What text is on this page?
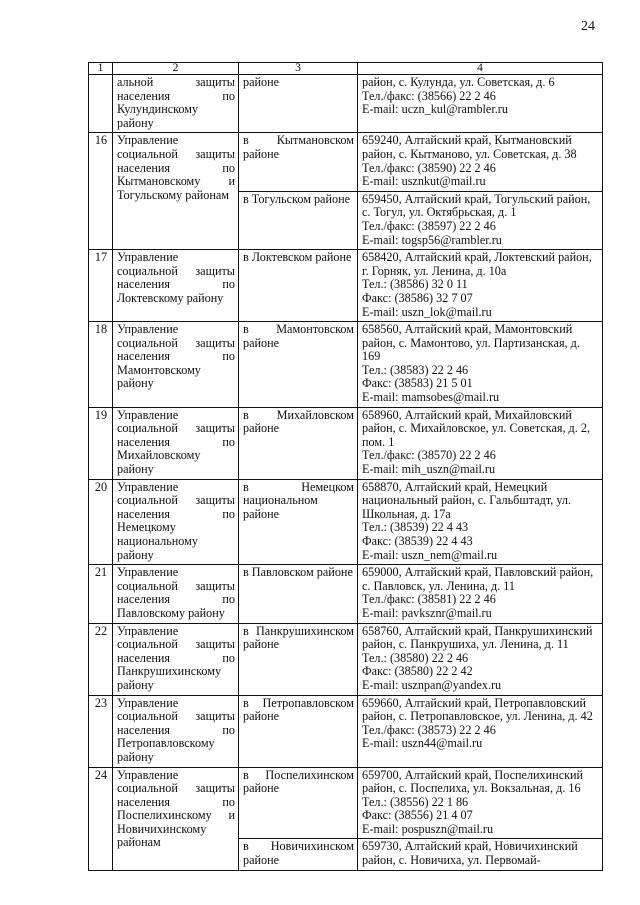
24
1	2	3	4
	альной защиты населения по Кулундинскому району	районе	район, с. Кулунда, ул. Советская, д. 6
Тел./факс: (38566) 22 2 46
E-mail: uczn_kul@rambler.ru

16	Управление социальной защиты населения по Кытмановскому и Тогульскому районам	в Кытмановском районе	659240, Алтайский край, Кытмановский район, с. Кытманово, ул. Советская, д. 38
Тел./факс: (38590) 22 2 46
E-mail: usznkut@mail.ru

		в Тогульском районе	659450, Алтайский край, Тогульский район, с. Тогул, ул. Октябрьская, д. 1
Тел./факс: (38597) 22 2 46
E-mail: togsp56@rambler.ru

17	Управление социальной защиты населения по Локтевскому району	в Локтевском районе	658420, Алтайский край, Локтевский район, г. Горняк, ул. Ленина, д. 10а
Тел.: (38586) 32 0 11
Факс: (38586) 32 7 07
E-mail: uszn_lok@mail.ru

18	Управление социальной защиты населения по Мамонтовскому району	в Мамонтовском районе	658560, Алтайский край, Мамонтовский район, с. Мамонтово, ул. Партизанская, д. 169
Тел.: (38583) 22 2 46
Факс: (38583) 21 5 01
E-mail: mamsobes@mail.ru

19	Управление социальной защиты населения по Михайловскому району	в Михайловском районе	658960, Алтайский край, Михайловский район, с. Михайловское, ул. Советская, д. 2, пом. 1
Тел./факс: (38570) 22 2 46
E-mail: mih_uszn@mail.ru

20	Управление социальной защиты населения по Немецкому национальному району	в Немецком национальном районе	658870, Алтайский край, Немецкий национальный район, с. Гальбштадт, ул. Школьная, д. 17а
Тел.: (38539) 22 4 43
Факс: (38539) 22 4 43
E-mail: uszn_nem@mail.ru

21	Управление социальной защиты населения по Павловскому району	в Павловском районе	659000, Алтайский край, Павловский район, с. Павловск, ул. Ленина, д. 11
Тел./факс: (38581) 22 2 46
E-mail: pavksznr@mail.ru

22	Управление социальной защиты населения по Панкрушихинскому району	в Панкрушихинском районе	658760, Алтайский край, Панкрушихинский район, с. Панкрушиха, ул. Ленина, д. 11
Тел.: (38580) 22 2 46
Факс: (38580) 22 2 42
E-mail: usznpan@yandex.ru

23	Управление социальной защиты населения по Петропавловскому району	в Петропавловском районе	659660, Алтайский край, Петропавловский район, с. Петропавловское, ул. Ленина, д. 42
Тел./факс: (38573) 22 2 46
E-mail: uszn44@mail.ru

24	Управление социальной защиты населения по Поспелихинскому и Новичихинскому районам	в Поспелихинском районе	659700, Алтайский край, Поспелихинский район, с. Поспелиха, ул. Вокзальная, д. 16
Тел.: (38556) 22 1 86
Факс: (38556) 21 4 07
E-mail: pospuszn@mail.ru

		в Новичихинском районе	659730, Алтайский край, Новичихинский район, с. Новичиха, ул. Первомай-
